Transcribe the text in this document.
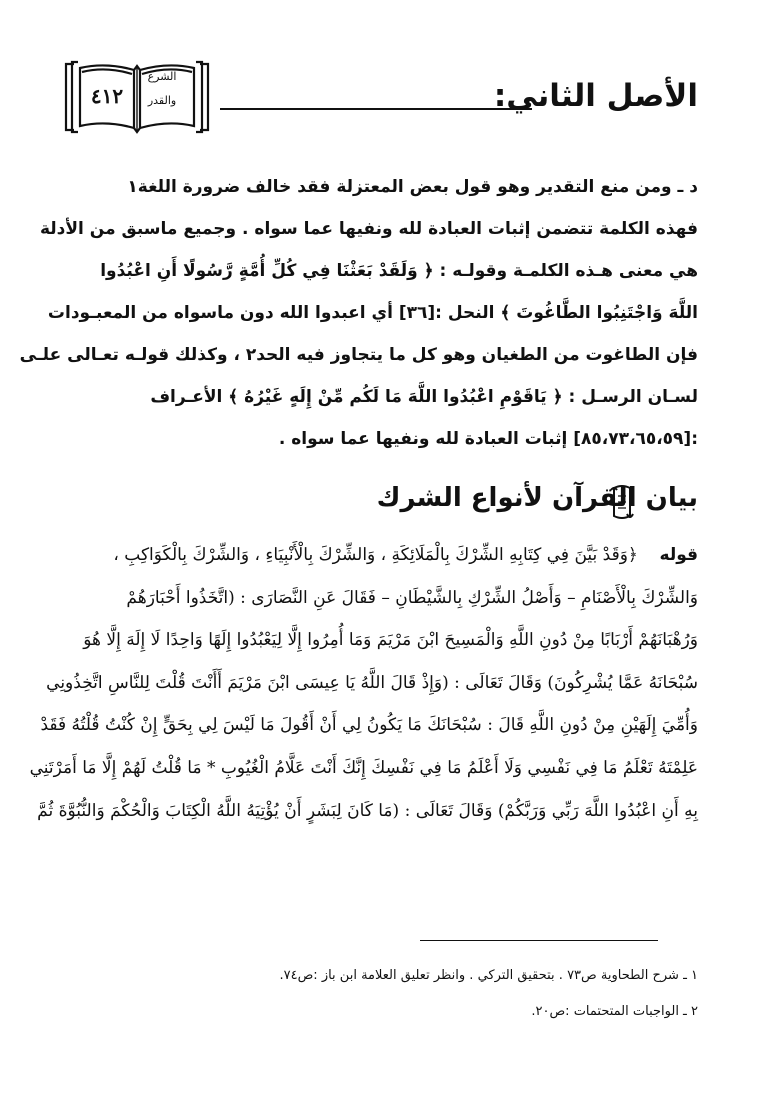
الأصل الثاني:
٤١٢
الشرع
والقدر
د ـ ومن منع التقدير وهو قول بعض المعتزلة فقد خالف ضرورة اللغة١
فهذه الكلمة تتضمن إثبات العبادة لله ونفيها عما سواه . وجميع ماسبق من الأدلة
هي معنى هـذه الكلمـة وقولـه : ﴿ وَلَقَدْ بَعَثْنَا فِي كُلِّ أُمَّةٍ رَّسُولًا أَنِ اعْبُدُوا
اللَّهَ وَاجْتَنِبُوا الطَّاغُوتَ ﴾ النحل :[٣٦] أي اعبدوا الله دون ماسواه من المعبـودات
فإن الطاغوت من الطغيان وهو كل ما يتجاوز فيه الحد٢ ، وكذلك قولـه تعـالى علـى
لسـان الرسـل : ﴿ يَاقَوْمِ اعْبُدُوا اللَّهَ مَا لَكُم مِّنْ إِلَهٍ غَيْرُهُ ﴾ الأعـراف
:[٨٥،٧٣،٦٥،٥٩] إثبات العبادة لله ونفيها عما سواه .
بيان القرآن لأنواع الشرك
قوله    ﴿وَقَدْ بَيَّنَ فِي كِتَابِهِ الشِّرْكَ بِالْمَلَائِكَةِ ، وَالشِّرْكَ بِالْأَنْبِيَاءِ ، وَالشِّرْكَ بِالْكَوَاكِبِ ،
وَالشِّرْكَ بِالْأَصْنَامِ – وَأَصْلُ الشِّرْكِ بِالشَّيْطَانِ – فَقَالَ عَنِ النَّصَارَى : (اتَّخَذُوا أَحْبَارَهُمْ
وَرُهْبَانَهُمْ أَرْبَابًا مِنْ دُونِ اللَّهِ وَالْمَسِيحَ ابْنَ مَرْيَمَ وَمَا أُمِرُوا إِلَّا لِيَعْبُدُوا إِلَهًا وَاحِدًا لَا إِلَهَ إِلَّا هُوَ
سُبْحَانَهُ عَمَّا يُشْرِكُونَ) وَقَالَ تَعَالَى : (وَإِذْ قَالَ اللَّهُ يَا عِيسَى ابْنَ مَرْيَمَ أَأَنْتَ قُلْتَ لِلنَّاسِ اتَّخِذُونِي
وَأُمِّيَ إِلَهَيْنِ مِنْ دُونِ اللَّهِ قَالَ : سُبْحَانَكَ مَا يَكُونُ لِي أَنْ أَقُولَ مَا لَيْسَ لِي بِحَقٍّ إِنْ كُنْتُ قُلْتُهُ فَقَدْ
عَلِمْتَهُ تَعْلَمُ مَا فِي نَفْسِي وَلَا أَعْلَمُ مَا فِي نَفْسِكَ إِنَّكَ أَنْتَ عَلَّامُ الْغُيُوبِ * مَا قُلْتُ لَهُمْ إِلَّا مَا أَمَرْتَنِي
بِهِ أَنِ اعْبُدُوا اللَّهَ رَبِّي وَرَبَّكُمْ) وَقَالَ تَعَالَى : (مَا كَانَ لِبَشَرٍ أَنْ يُؤْتِيَهُ اللَّهُ الْكِتَابَ وَالْحُكْمَ وَالنُّبُوَّةَ ثُمَّ
١ ـ شرح الطحاوية ص٧٣ . بتحقيق التركي . وانظر تعليق العلامة ابن باز :ص٧٤.
٢ ـ الواجبات المتحتمات :ص٢٠.
